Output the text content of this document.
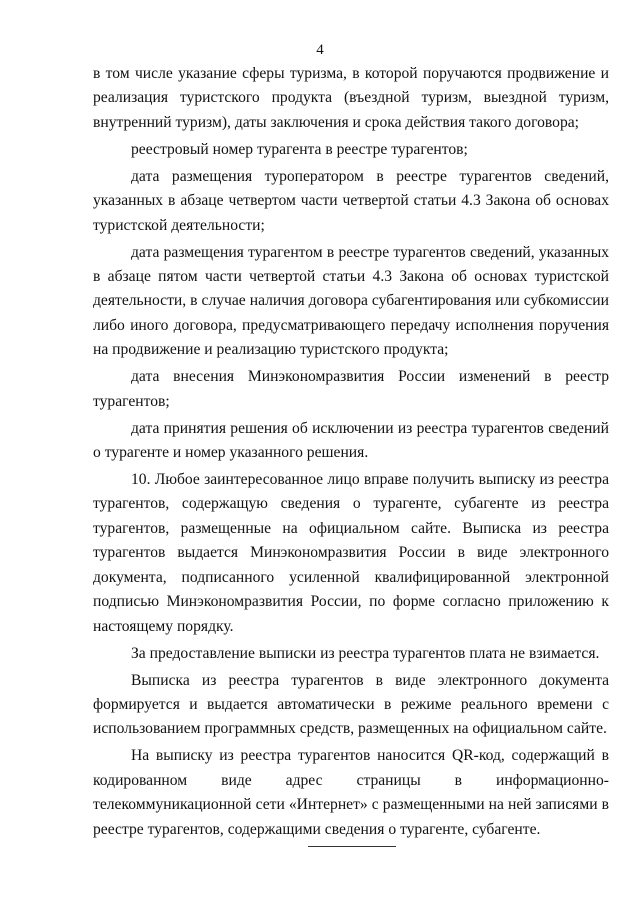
4

в том числе указание сферы туризма, в которой поручаются продвижение и реализация туристского продукта (въездной туризм, выездной туризм, внутренний туризм), даты заключения и срока действия такого договора;

реестровый номер турагента в реестре турагентов;

дата размещения туроператором в реестре турагентов сведений, указанных в абзаце четвертом части четвертой статьи 4.3 Закона об основах туристской деятельности;

дата размещения турагентом в реестре турагентов сведений, указанных в абзаце пятом части четвертой статьи 4.3 Закона об основах туристской деятельности, в случае наличия договора субагентирования или субкомиссии либо иного договора, предусматривающего передачу исполнения поручения на продвижение и реализацию туристского продукта;

дата внесения Минэкономразвития России изменений в реестр турагентов;

дата принятия решения об исключении из реестра турагентов сведений о турагенте и номер указанного решения.

10. Любое заинтересованное лицо вправе получить выписку из реестра турагентов, содержащую сведения о турагенте, субагенте из реестра турагентов, размещенные на официальном сайте. Выписка из реестра турагентов выдается Минэкономразвития России в виде электронного документа, подписанного усиленной квалифицированной электронной подписью Минэкономразвития России, по форме согласно приложению к настоящему порядку.

За предоставление выписки из реестра турагентов плата не взимается.

Выписка из реестра турагентов в виде электронного документа формируется и выдается автоматически в режиме реального времени с использованием программных средств, размещенных на официальном сайте.

На выписку из реестра турагентов наносится QR-код, содержащий в кодированном виде адрес страницы в информационно-телекоммуникационной сети «Интернет» с размещенными на ней записями в реестре турагентов, содержащими сведения о турагенте, субагенте.
